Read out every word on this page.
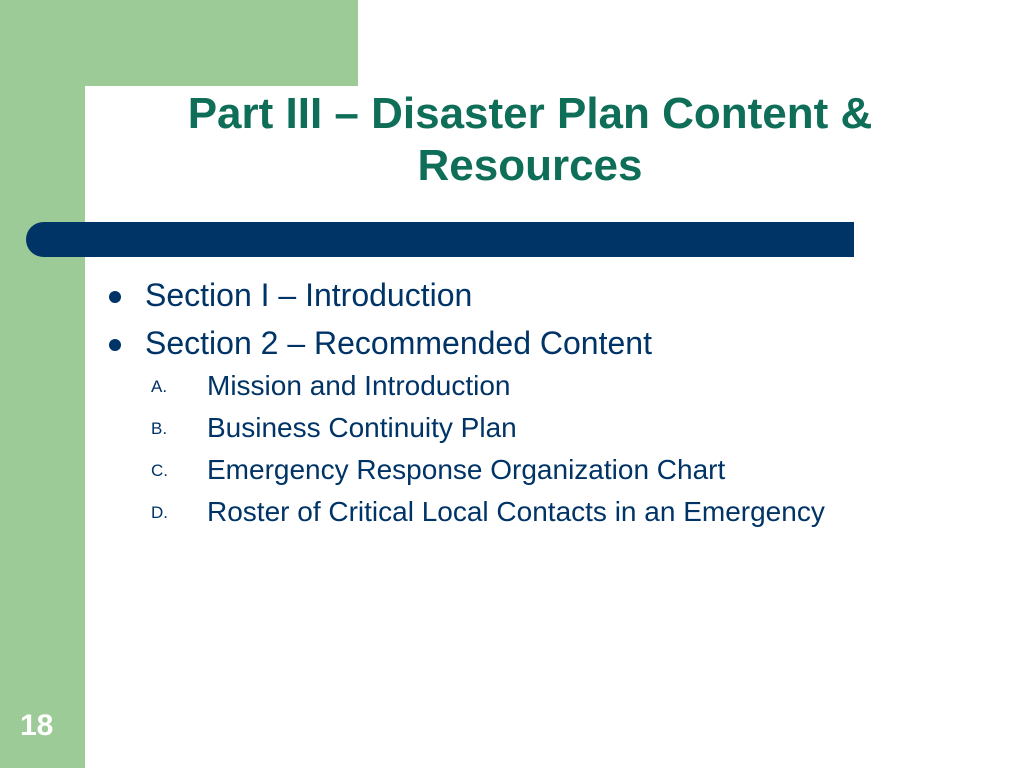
Part III – Disaster Plan Content &
Resources
Section I – Introduction
Section 2 – Recommended Content
A. Mission and Introduction
B. Business Continuity Plan
C. Emergency Response Organization Chart
D. Roster of Critical Local Contacts in an Emergency
18
